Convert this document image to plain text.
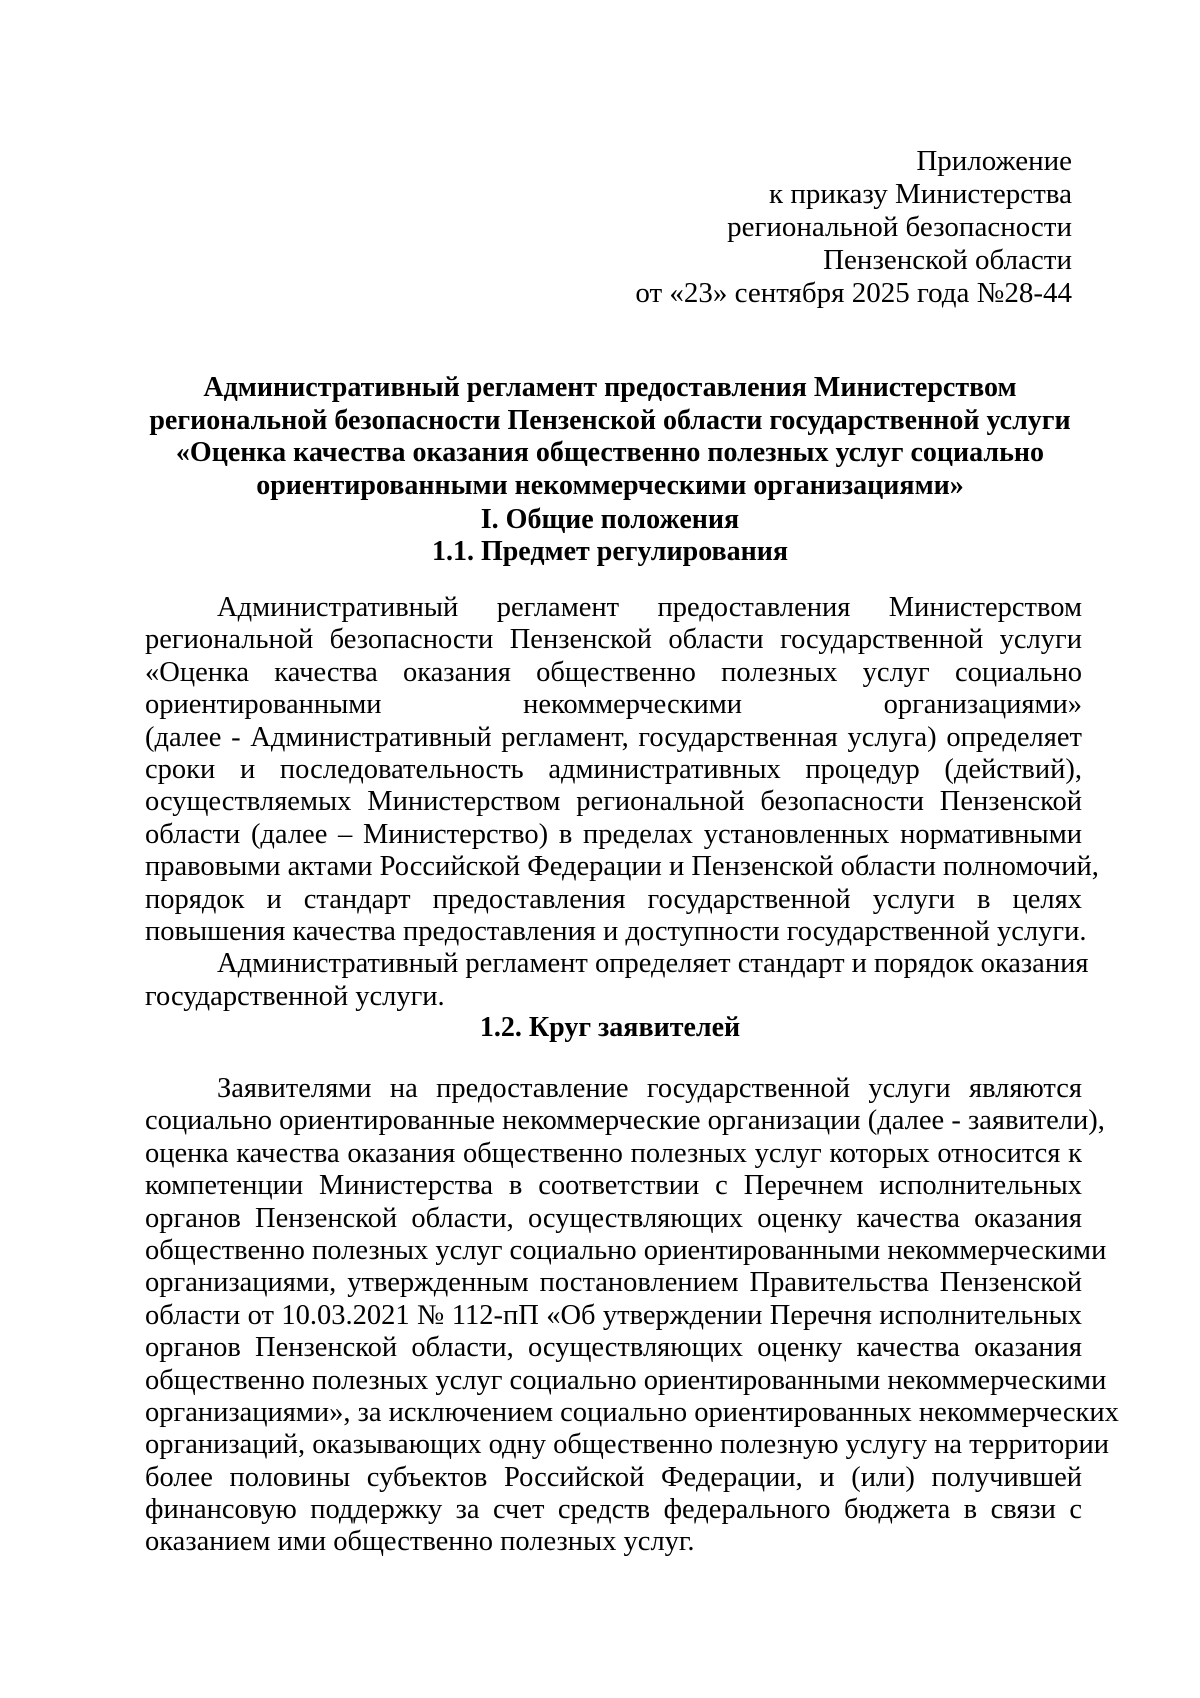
Приложение
к приказу Министерства
региональной безопасности
Пензенской области
от «23» сентября 2025 года №28-44
Административный регламент предоставления Министерством
региональной безопасности Пензенской области государственной услуги
«Оценка качества оказания общественно полезных услуг социально
ориентированными некоммерческими организациями»
I. Общие положения
1.1. Предмет регулирования
Административный регламент предоставления Министерством
региональной безопасности Пензенской области государственной услуги
«Оценка качества оказания общественно полезных услуг социально
ориентированными	некоммерческими	организациями»
(далее - Административный регламент, государственная услуга) определяет
сроки и последовательность административных процедур (действий),
осуществляемых Министерством региональной безопасности Пензенской
области (далее – Министерство) в пределах установленных нормативными
правовыми актами Российской Федерации и Пензенской области полномочий,
порядок и стандарт предоставления государственной услуги в целях
повышения качества предоставления и доступности государственной услуги.
Административный регламент определяет стандарт и порядок оказания
государственной услуги.
1.2. Круг заявителей
Заявителями на предоставление государственной услуги являются
социально ориентированные некоммерческие организации (далее - заявители),
оценка качества оказания общественно полезных услуг которых относится к
компетенции Министерства в соответствии с Перечнем исполнительных
органов Пензенской области, осуществляющих оценку качества оказания
общественно полезных услуг социально ориентированными некоммерческими
организациями, утвержденным постановлением Правительства Пензенской
области от 10.03.2021 № 112-пП «Об утверждении Перечня исполнительных
органов Пензенской области, осуществляющих оценку качества оказания
общественно полезных услуг социально ориентированными некоммерческими
организациями», за исключением социально ориентированных некоммерческих
организаций, оказывающих одну общественно полезную услугу на территории
более половины субъектов Российской Федерации, и (или) получившей
финансовую поддержку за счет средств федерального бюджета в связи с
оказанием ими общественно полезных услуг.
